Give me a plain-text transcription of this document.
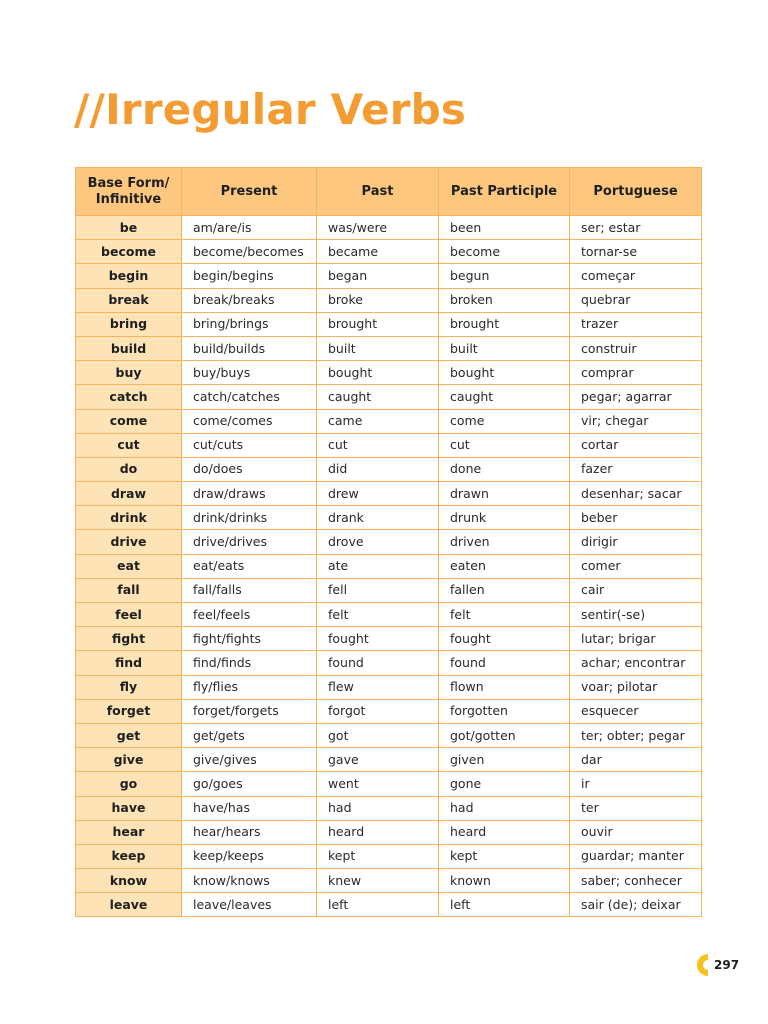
//Irregular Verbs
Base Form/ Infinitive	Present	Past	Past Participle	Portuguese
be	am/are/is	was/were	been	ser; estar
become	become/becomes	became	become	tornar-se
begin	begin/begins	began	begun	começar
break	break/breaks	broke	broken	quebrar
bring	bring/brings	brought	brought	trazer
build	build/builds	built	built	construir
buy	buy/buys	bought	bought	comprar
catch	catch/catches	caught	caught	pegar; agarrar
come	come/comes	came	come	vir; chegar
cut	cut/cuts	cut	cut	cortar
do	do/does	did	done	fazer
draw	draw/draws	drew	drawn	desenhar; sacar
drink	drink/drinks	drank	drunk	beber
drive	drive/drives	drove	driven	dirigir
eat	eat/eats	ate	eaten	comer
fall	fall/falls	fell	fallen	cair
feel	feel/feels	felt	felt	sentir(-se)
fight	fight/fights	fought	fought	lutar; brigar
find	find/finds	found	found	achar; encontrar
fly	fly/flies	flew	flown	voar; pilotar
forget	forget/forgets	forgot	forgotten	esquecer
get	get/gets	got	got/gotten	ter; obter; pegar
give	give/gives	gave	given	dar
go	go/goes	went	gone	ir
have	have/has	had	had	ter
hear	hear/hears	heard	heard	ouvir
keep	keep/keeps	kept	kept	guardar; manter
know	know/knows	knew	known	saber; conhecer
leave	leave/leaves	left	left	sair (de); deixar
297
